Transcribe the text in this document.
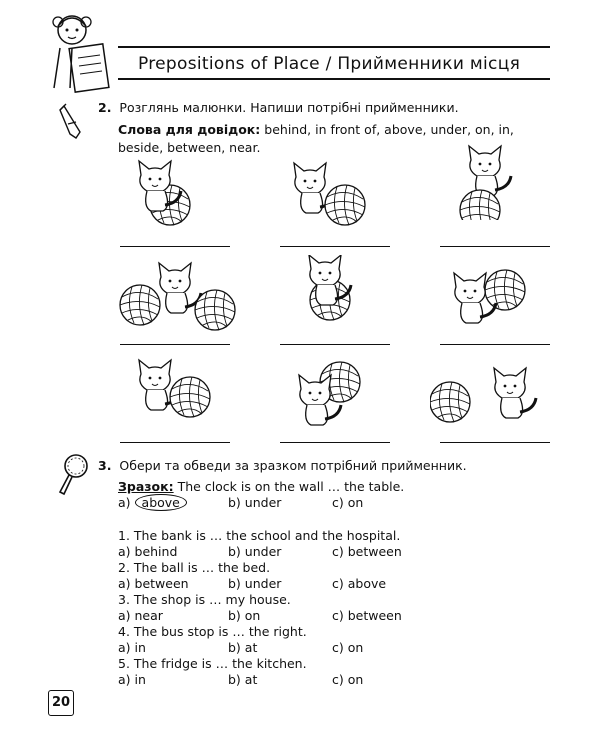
Prepositions of Place / Прийменники місця
2. Розглянь малюнки. Напиши потрібні прийменники.
Слова для довідок: behind, in front of, above, under, on, in,
beside, between, near.
3. Обери та обведи за зразком потрібний прийменник.
Зразок: The clock is on the wall … the table.
a) above	b) under	c) on
1. The bank is … the school and the hospital.
a) behind	b) under	c) between
2. The ball is … the bed.
a) between	b) under	c) above
3. The shop is … my house.
a) near	b) on	c) between
4. The bus stop is … the right.
a) in	b) at	c) on
5. The fridge is … the kitchen.
a) in	b) at	c) on
20
